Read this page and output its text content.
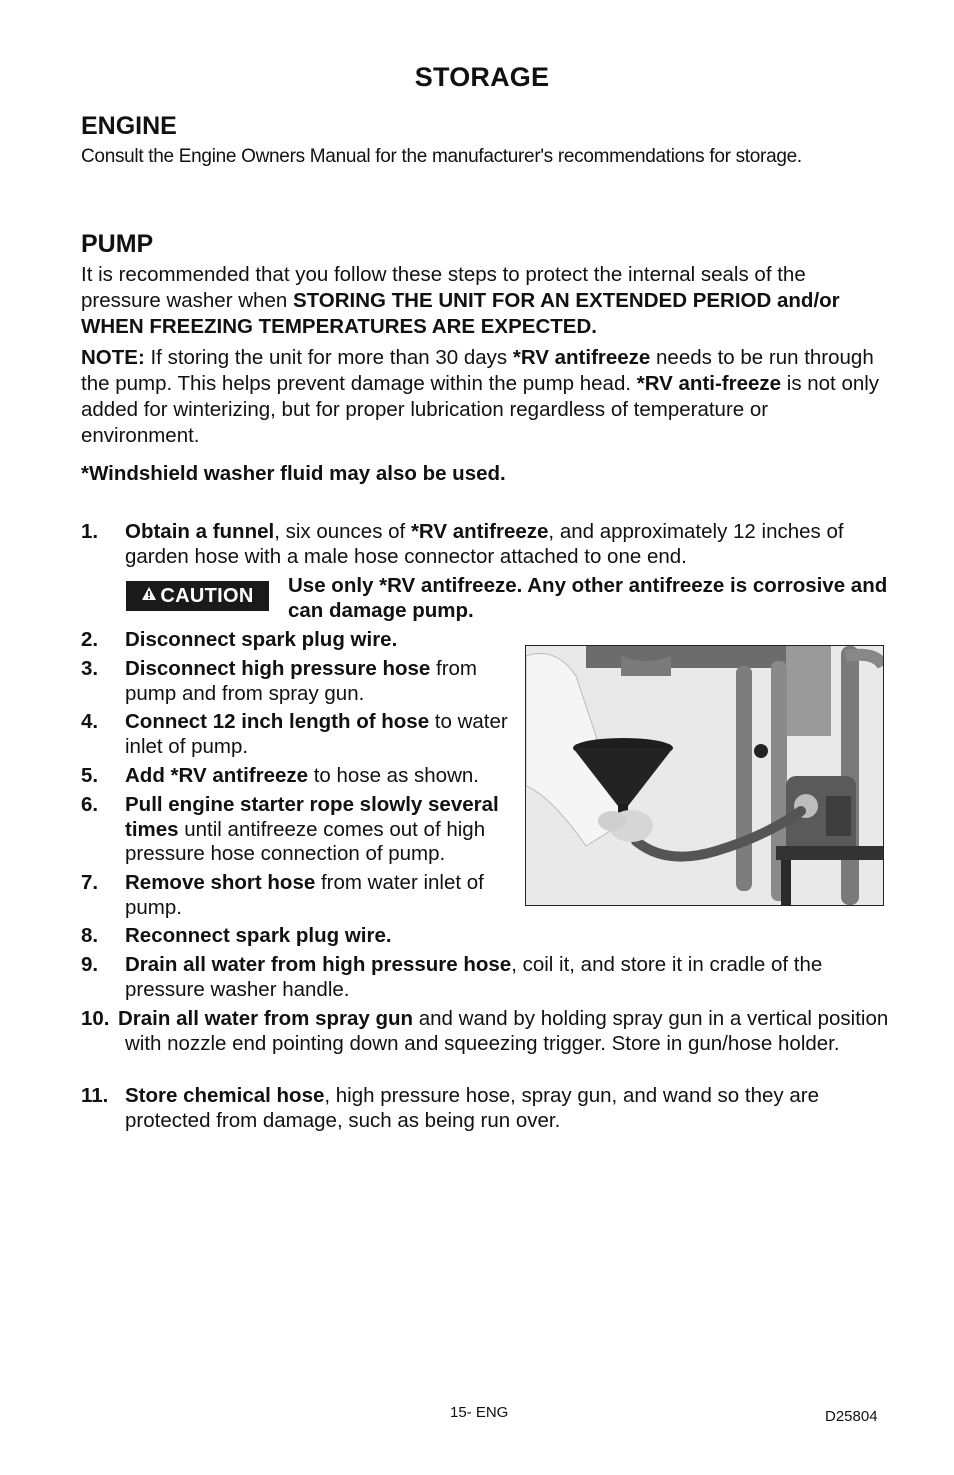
STORAGE
ENGINE

Consult the Engine Owners Manual for the manufacturer's recommendations for storage.

PUMP

It is recommended that you follow these steps to protect the internal seals of the pressure washer when STORING THE UNIT FOR AN EXTENDED PERIOD and/or WHEN FREEZING TEMPERATURES ARE EXPECTED.

NOTE: If storing the unit for more than 30 days *RV antifreeze needs to be run through the pump. This helps prevent damage within the pump head. *RV anti-freeze is not only added for winterizing, but for proper lubrication regardless of temperature or environment.

*Windshield washer fluid may also be used.

1. Obtain a funnel, six ounces of *RV antifreeze, and approximately 12 inches of garden hose with a male hose connector attached to one end.
CAUTION Use only *RV antifreeze. Any other antifreeze is corrosive and can damage pump.

2. Disconnect spark plug wire.
3. Disconnect high pressure hose from pump and from spray gun.
4. Connect 12 inch length of hose to water inlet of pump.
5. Add *RV antifreeze to hose as shown.
6. Pull engine starter rope slowly several times until antifreeze comes out of high pressure hose connection of pump.
7. Remove short hose from water inlet of pump.
8. Reconnect spark plug wire.
9. Drain all water from high pressure hose, coil it, and store it in cradle of the pressure washer handle.
10. Drain all water from spray gun and wand by holding spray gun in a vertical position with nozzle end pointing down and squeezing trigger. Store in gun/hose holder.
11. Store chemical hose, high pressure hose, spray gun, and wand so they are protected from damage, such as being run over.
15- ENG	D25804
